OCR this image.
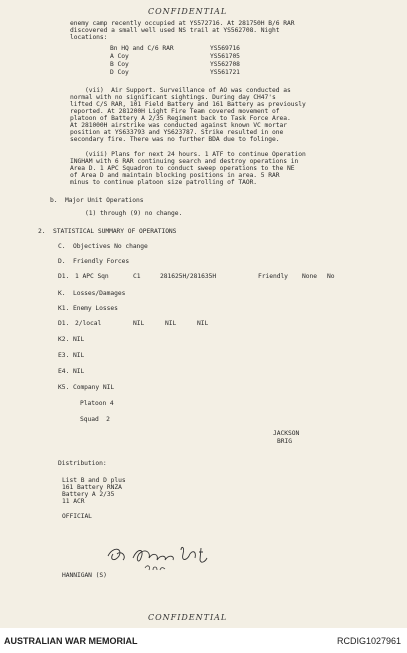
CONFIDENTIAL
enemy camp recently occupied at YS572716. At 281750H B/6 RAR
discovered a small well used NS trail at YS562708. Night
locations:
Bn HQ and C/6 RAR	YS569716
A Coy	YS561705
B Coy	YS562708
D Coy	YS561721
(vii)  Air Support. Surveillance of AO was conducted as
normal with no significant sightings. During day CH47's
lifted C/S RAR, 101 Field Battery and 161 Battery as previously
reported. At 281200H Light Fire Team covered movement of
platoon of Battery A 2/35 Regiment back to Task Force Area.
At 281000H airstrike was conducted against known VC mortar
position at YS633793 and YS623787. Strike resulted in one
secondary fire. There was no further BDA due to folinge.
(viii) Plans for next 24 hours. 1 ATF to continue Operation
INGHAM with 6 RAR continuing search and destroy operations in
Area D. 1 APC Squadron to conduct sweep operations to the NE
of Area D and maintain blocking positions in area. 5 RAR
minus to continue platoon size patrolling of TAOR.
b.  Major Unit Operations
(1) through (9) no change.
2.  STATISTICAL SUMMARY OF OPERATIONS
C.  Objectives No change
D.  Friendly Forces
D1. 1 APC Sqn	C1	281625H/281635H	Friendly None No
K.  Losses/Damages
K1. Enemy Losses
D1. 2/local	NIL	NIL	NIL
K2. NIL
E3. NIL
E4. NIL
K5. Company NIL
Platoon 4
Squad  2
JACKSON
BRIG
Distribution:
List B and D plus
161 Battery RNZA
Battery A 2/35
11 ACR
OFFICIAL
HANNIGAN (S)
CONFIDENTIAL
AUSTRALIAN WAR MEMORIAL	RCDIG1027961
